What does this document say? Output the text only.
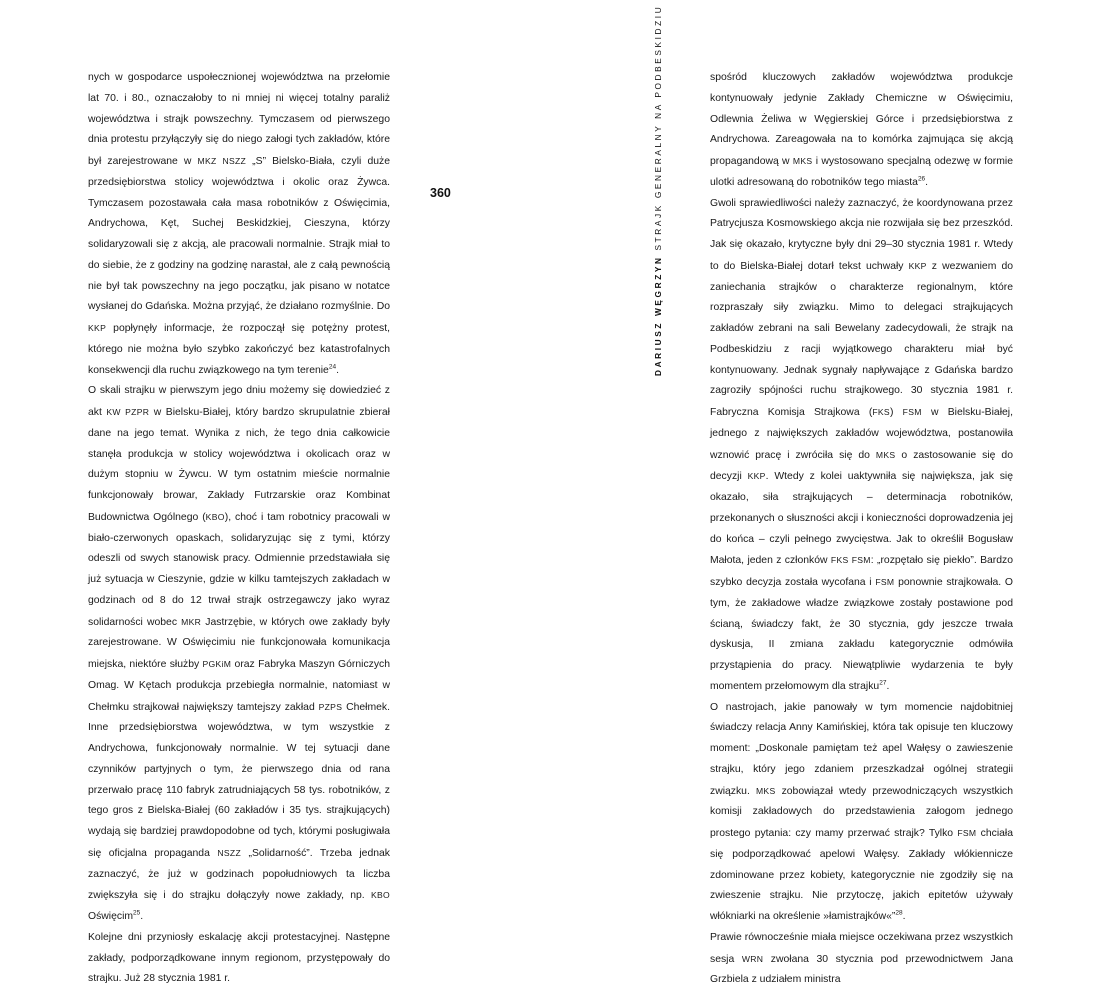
nych w gospodarce uspołecznionej województwa na przełomie lat 70. i 80., oznaczałoby to ni mniej ni więcej totalny paraliż województwa i strajk powszechny. Tymczasem od pierwszego dnia protestu przyłączyły się do niego załogi tych zakładów, które był zarejestrowane w MKZ NSZZ „S” Bielsko-Biała, czyli duże przedsiębiorstwa stolicy województwa i okolic oraz Żywca. Tymczasem pozostawała cała masa robotników z Oświęcimia, Andrychowa, Kęt, Suchej Beskidzkiej, Cieszyna, którzy solidaryzowali się z akcją, ale pracowali normalnie. Strajk miał to do siebie, że z godziny na godzinę narastał, ale z całą pewnością nie był tak powszechny na jego początku, jak pisano w notatce wysłanej do Gdańska. Można przyjąć, że działano rozmyślnie. Do KKP popłynęły informacje, że rozpoczął się potężny protest, którego nie można było szybko zakończyć bez katastrofalnych konsekwencji dla ruchu związkowego na tym terenie$^{24}$.

O skali strajku w pierwszym jego dniu możemy się dowiedzieć z akt KW PZPR w Bielsku-Białej, który bardzo skrupulatnie zbierał dane na jego temat. Wynika z nich, że tego dnia całkowicie stanęła produkcja w stolicy województwa i okolicach oraz w dużym stopniu w Żywcu. W tym ostatnim mieście normalnie funkcjonowały browar, Zakłady Futrzarskie oraz Kombinat Budownictwa Ogólnego (KBO), choć i tam robotnicy pracowali w biało-czerwonych opaskach, solidaryzując się z tymi, którzy odeszli od swych stanowisk pracy. Odmiennie przedstawiała się już sytuacja w Cieszynie, gdzie w kilku tamtejszych zakładach w godzinach od 8 do 12 trwał strajk ostrzegawczy jako wyraz solidarności wobec MKR Jastrzębie, w których owe zakłady były zarejestrowane. W Oświęcimiu nie funkcjonowała komunikacja miejska, niektóre służby PGKiM oraz Fabryka Maszyn Górniczych Omag. W Kętach produkcja przebiegła normalnie, natomiast w Chełmku strajkował największy tamtejszy zakład PZPS Chełmek. Inne przedsiębiorstwa województwa, w tym wszystkie z Andrychowa, funkcjonowały normalnie. W tej sytuacji dane czynników partyjnych o tym, że pierwszego dnia od rana przerwało pracę 110 fabryk zatrudniających 58 tys. robotników, z tego gros z Bielska-Białej (60 zakładów i 35 tys. strajkujących) wydają się bardziej prawdopodobne od tych, którymi posługiwała się oficjalna propaganda NSZZ „Solidarność”. Trzeba jednak zaznaczyć, że już w godzinach popołudniowych ta liczba zwiększyła się i do strajku dołączyły nowe zakłady, np. KBO Oświęcim$^{25}$.

Kolejne dni przyniosły eskalację akcji protestacyjnej. Następne zakłady, podporządkowane innym regionom, przystępowały do strajku. Już 28 stycznia 1981 r.

360
DARIUSZ WĘGRZYN STRAJK GENERALNY NA PODBESKIDZIU	spośród kluczowych zakładów województwa produkcje kontynuowały jedynie Zakłady Chemiczne w Oświęcimiu, Odlewnia Żeliwa w Węgierskiej Górce i przedsiębiorstwa z Andrychowa. Zareagowała na to komórka zajmująca się akcją propagandową w MKS i wystosowano specjalną odezwę w formie ulotki adresowaną do robotników tego miasta$^{26}$.

Gwoli sprawiedliwości należy zaznaczyć, że koordynowana przez Patrycjusza Kosmowskiego akcja nie rozwijała się bez przeszkód. Jak się okazało, krytyczne były dni 29–30 stycznia 1981 r. Wtedy to do Bielska-Białej dotarł tekst uchwały KKP z wezwaniem do zaniechania strajków o charakterze regionalnym, które rozpraszały siły związku. Mimo to delegaci strajkujących zakładów zebrani na sali Bewelany zadecydowali, że strajk na Podbeskidziu z racji wyjątkowego charakteru miał być kontynuowany. Jednak sygnały napływające z Gdańska bardzo zagroziły spójności ruchu strajkowego. 30 stycznia 1981 r. Fabryczna Komisja Strajkowa (FKS) FSM w Bielsku-Białej, jednego z największych zakładów województwa, postanowiła wznowić pracę i zwróciła się do MKS o zastosowanie się do decyzji KKP. Wtedy z kolei uaktywniła się największa, jak się okazało, siła strajkujących – determinacja robotników, przekonanych o słuszności akcji i konieczności doprowadzenia jej do końca – czyli pełnego zwycięstwa. Jak to określił Bogusław Małota, jeden z członków FKS FSM: „rozpętało się piekło”. Bardzo szybko decyzja została wycofana i FSM ponownie strajkowała. O tym, że zakładowe władze związkowe zostały postawione pod ścianą, świadczy fakt, że 30 stycznia, gdy jeszcze trwała dyskusja, II zmiana zakładu kategorycznie odmówiła przystąpienia do pracy. Niewątpliwie wydarzenia te były momentem przełomowym dla strajku$^{27}$.

O nastrojach, jakie panowały w tym momencie najdobitniej świadczy relacja Anny Kamińskiej, która tak opisuje ten kluczowy moment: „Doskonale pamiętam też apel Wałęsy o zawieszenie strajku, który jego zdaniem przeszkadzał ogólnej strategii związku. MKS zobowiązał wtedy przewodniczących wszystkich komisji zakładowych do przedstawienia załogom jednego prostego pytania: czy mamy przerwać strajk? Tylko FSM chciała się podporządkować apelowi Wałęsy. Zakłady włókiennicze zdominowane przez kobiety, kategorycznie nie zgodziły się na zwieszenie strajku. Nie przytoczę, jakich epitetów używały włókniarki na określenie »łamistrajków«”$^{28}$.

Prawie równocześnie miała miejsce oczekiwana przez wszystkich sesja WRN zwołana 30 stycznia pod przewodnictwem Jana Grzbiela z udziałem ministra
